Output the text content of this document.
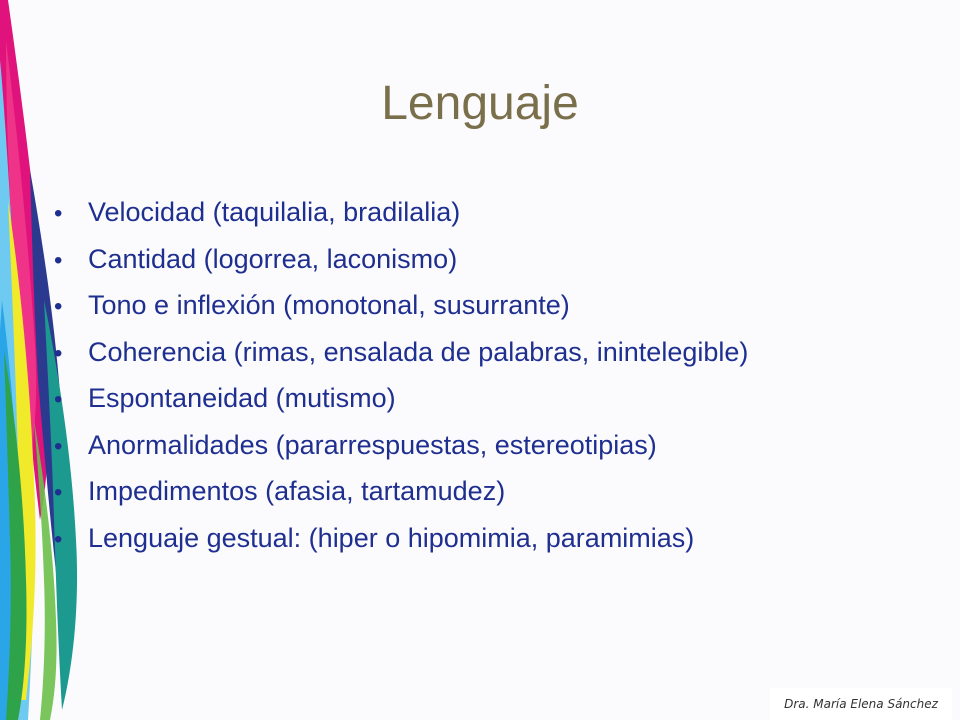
Lenguaje
• Velocidad (taquilalia, bradilalia)
• Cantidad (logorrea, laconismo)
• Tono e inflexión (monotonal, susurrante)
• Coherencia (rimas, ensalada de palabras, inintelegible)
• Espontaneidad (mutismo)
• Anormalidades (pararrespuestas, estereotipias)
• Impedimentos (afasia, tartamudez)
• Lenguaje gestual: (hiper o hipomimia, paramimias)
Dra. María Elena Sánchez
